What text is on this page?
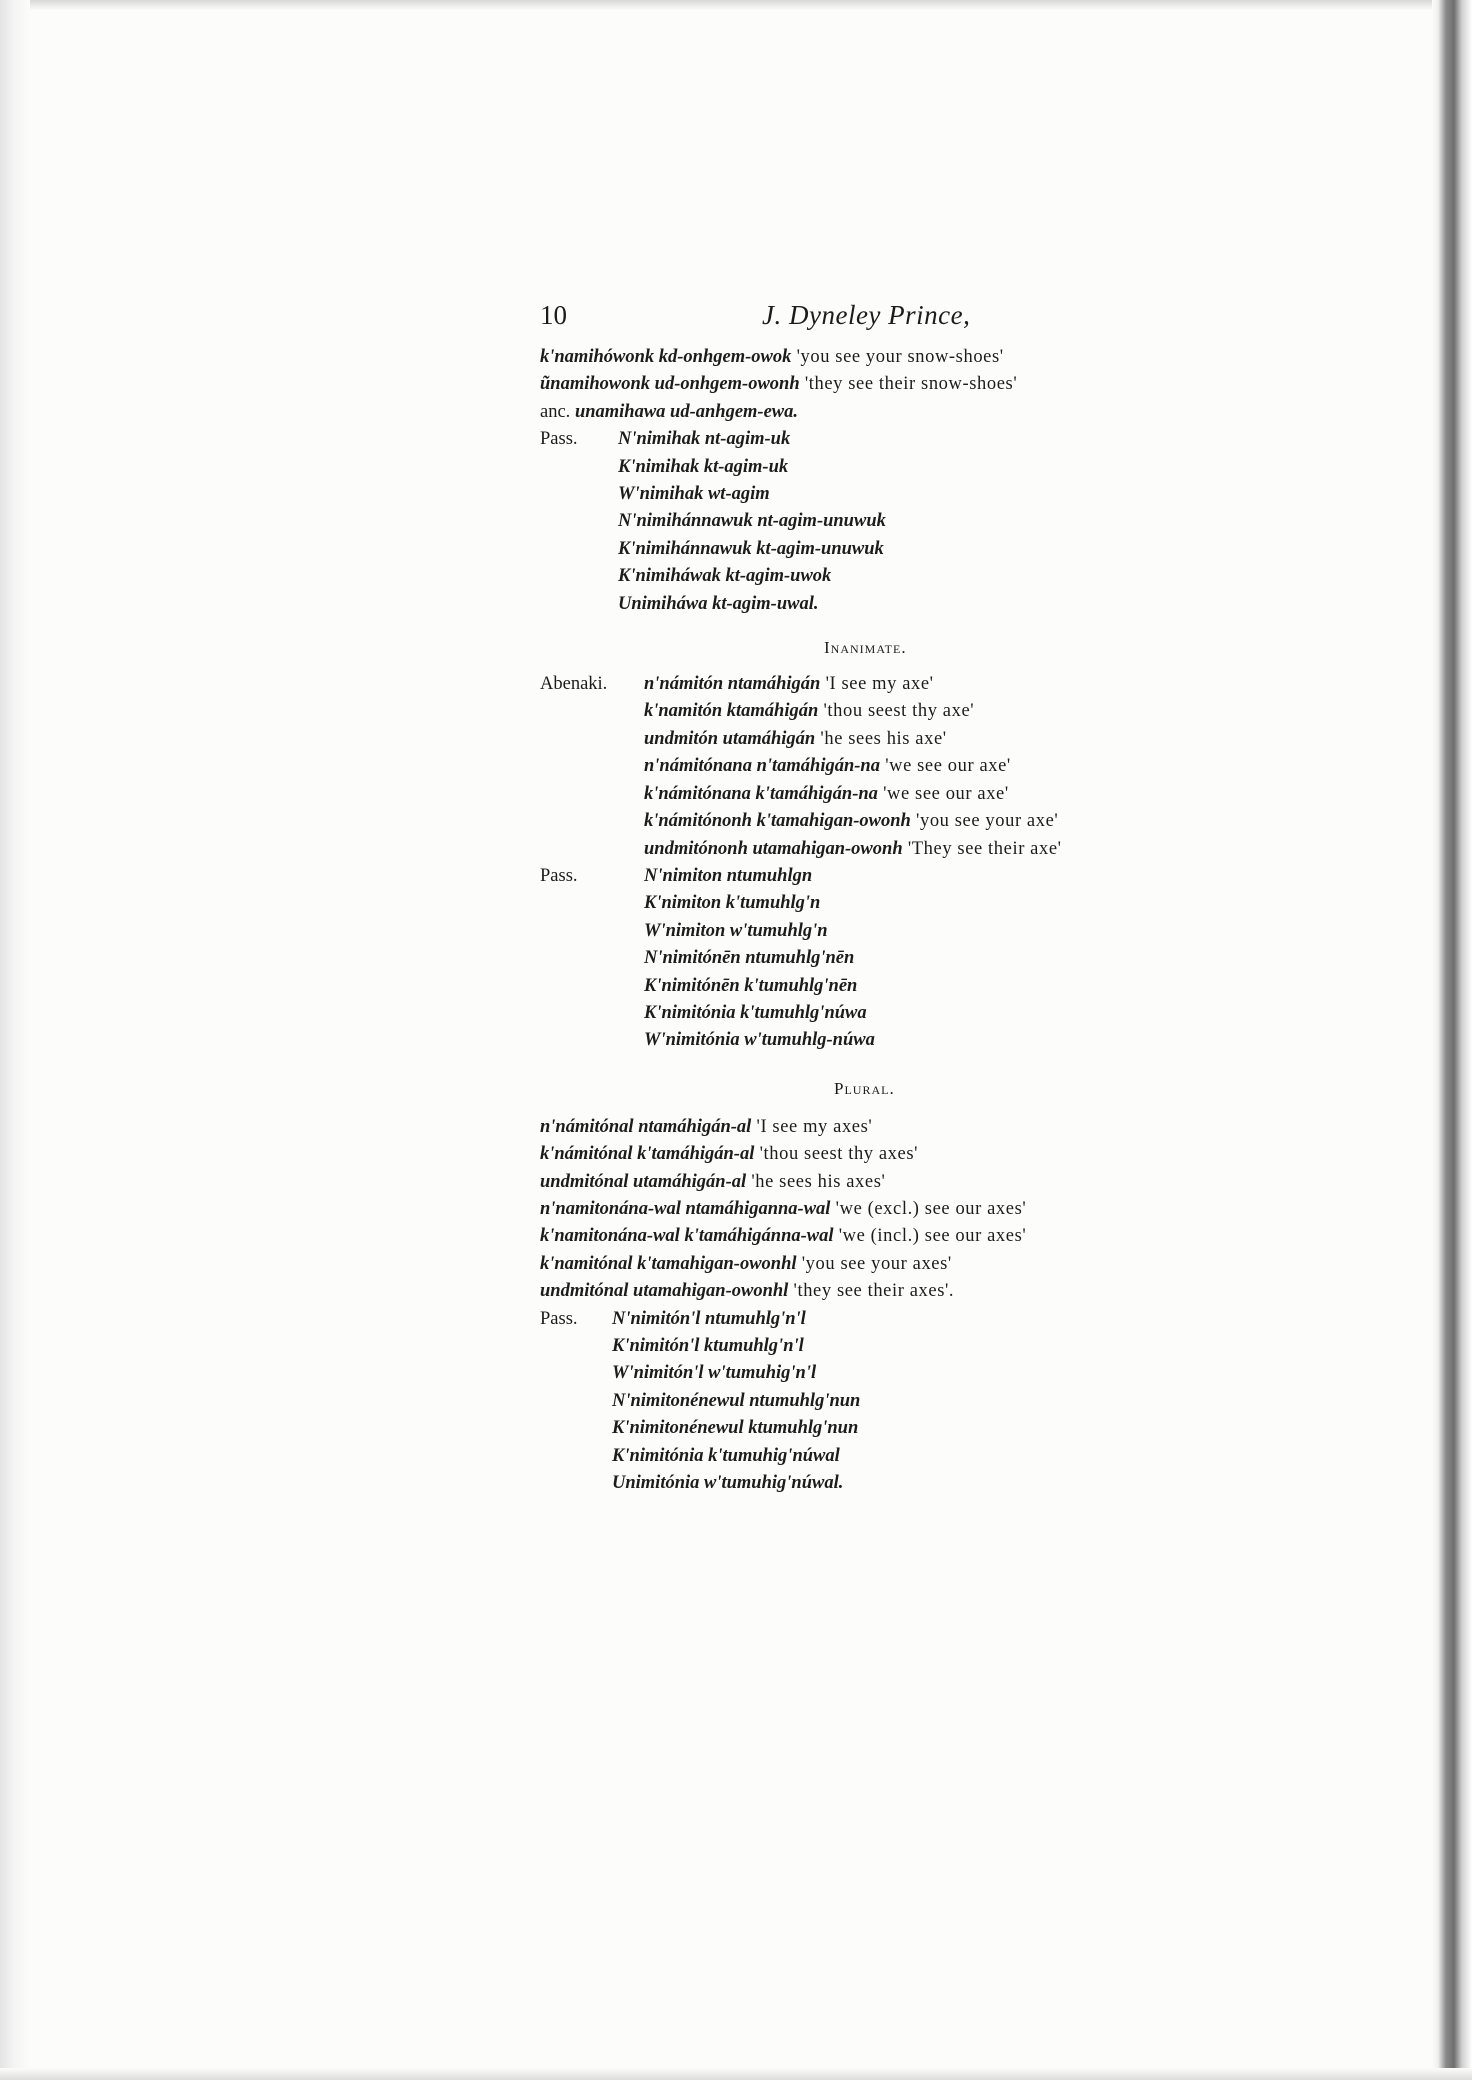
10	J. Dyneley Prince,
k'namihówonk kd-onhgem-owok 'you see your snow-shoes'
ũnamihowonk ud-onhgem-owonh 'they see their snow-shoes'
anc. unamihawa ud-anhgem-ewa.
Pass.	N'nimihak nt-agim-uk
K'nimihak kt-agim-uk
W'nimihak wt-agim
N'nimihánnawuk nt-agim-unuwuk
K'nimihánnawuk kt-agim-unuwuk
K'nimiháwak kt-agim-uwok
Unimiháwa kt-agim-uwal.
Inanimate.
Abenaki.	n'námitón ntamáhigán 'I see my axe'
k'namitón ktamáhigán 'thou seest thy axe'
undmitón utamáhigán 'he sees his axe'
n'námitónana n'tamáhigán-na 'we see our axe'
k'námitónana k'tamáhigán-na 'we see our axe'
k'námitónonh k'tamahigan-owonh 'you see your axe'
undmitónonh utamahigan-owonh 'They see their axe'
Pass.	N'nimiton ntumuhlgn
K'nimiton k'tumuhlg'n
W'nimiton w'tumuhlg'n
N'nimitónēn ntumuhlg'nēn
K'nimitónēn k'tumuhlg'nēn
K'nimitónia k'tumuhlg'núwa
W'nimitónia w'tumuhlg-núwa
Plural.
n'námitónal ntamáhigán-al 'I see my axes'
k'námitónal k'tamáhigán-al 'thou seest thy axes'
undmitónal utamáhigán-al 'he sees his axes'
n'namitonána-wal ntamáhiganna-wal 'we (excl.) see our axes'
k'namitonána-wal k'tamáhigánna-wal 'we (incl.) see our axes'
k'namitónal k'tamahigan-owonhl 'you see your axes'
undmitónal utamahigan-owonhl 'they see their axes'.
Pass.	N'nimitón'l ntumuhlg'n'l
K'nimitón'l ktumuhlg'n'l
W'nimitón'l w'tumuhig'n'l
N'nimitonénewul ntumuhlg'nun
K'nimitonénewul ktumuhlg'nun
K'nimitónia k'tumuhig'núwal
Unimitónia w'tumuhig'núwal.
